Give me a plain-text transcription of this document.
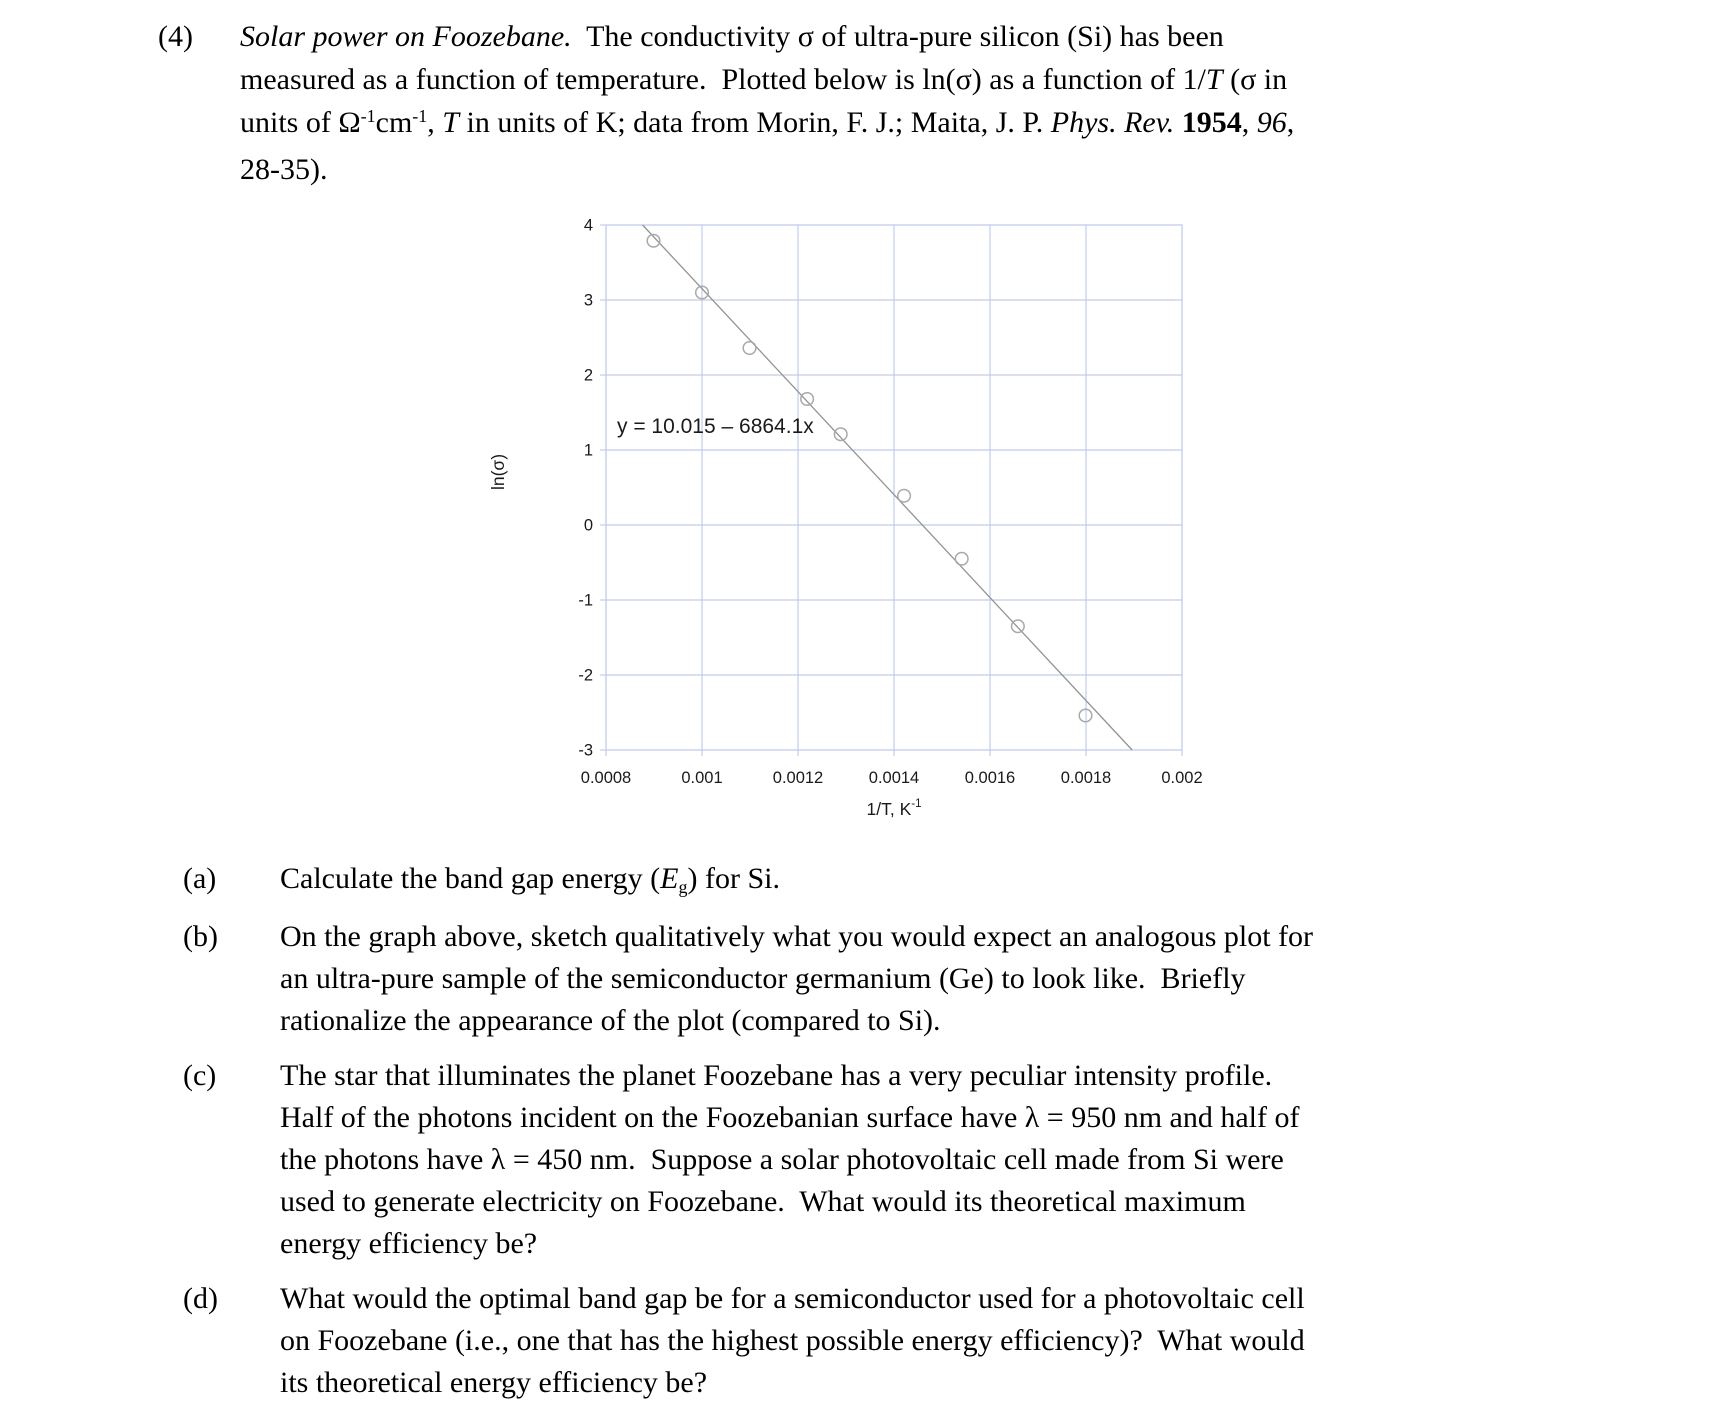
(4)	Solar power on Foozebane.  The conductivity σ of ultra-pure silicon (Si) has been
measured as a function of temperature.  Plotted below is ln(σ) as a function of 1/T (σ in
units of $\Omega^{-1}cm^{-1}$, T in units of K; data from Morin, F. J.; Maita, J. P. Phys. Rev. 1954, 96,
28-35).
4
3
2
1
0
-1
-2
-3
0.0008	0.001	0.0012	0.0014	0.0016	0.0018	0.002
y = 10.015 – 6864.1x
1/T, $K^{-1}$
ln(σ)
(a)	Calculate the band gap energy (Eg) for Si.
(b)	On the graph above, sketch qualitatively what you would expect an analogous plot for
an ultra-pure sample of the semiconductor germanium (Ge) to look like.  Briefly
rationalize the appearance of the plot (compared to Si).
(c)	The star that illuminates the planet Foozebane has a very peculiar intensity profile.
Half of the photons incident on the Foozebanian surface have λ = 950 nm and half of
the photons have λ = 450 nm.  Suppose a solar photovoltaic cell made from Si were
used to generate electricity on Foozebane.  What would its theoretical maximum
energy efficiency be?
(d)	What would the optimal band gap be for a semiconductor used for a photovoltaic cell
on Foozebane (i.e., one that has the highest possible energy efficiency)?  What would
its theoretical energy efficiency be?
